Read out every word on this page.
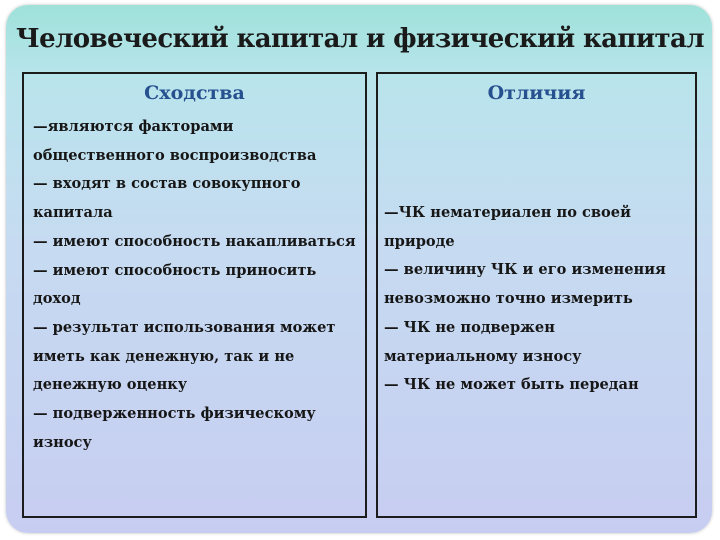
Человеческий капитал и физический капитал
Сходства
—являются факторами общественного воспроизводства
— входят в состав совокупного капитала
— имеют способность накапливаться
— имеют способность приносить доход
— результат использования может иметь как денежную, так и не денежную оценку
— подверженность физическому износу
Отличия
—ЧК нематериален по своей природе
— величину ЧК и его изменения невозможно точно измерить
— ЧК не подвержен материальному износу
— ЧК не может быть передан
